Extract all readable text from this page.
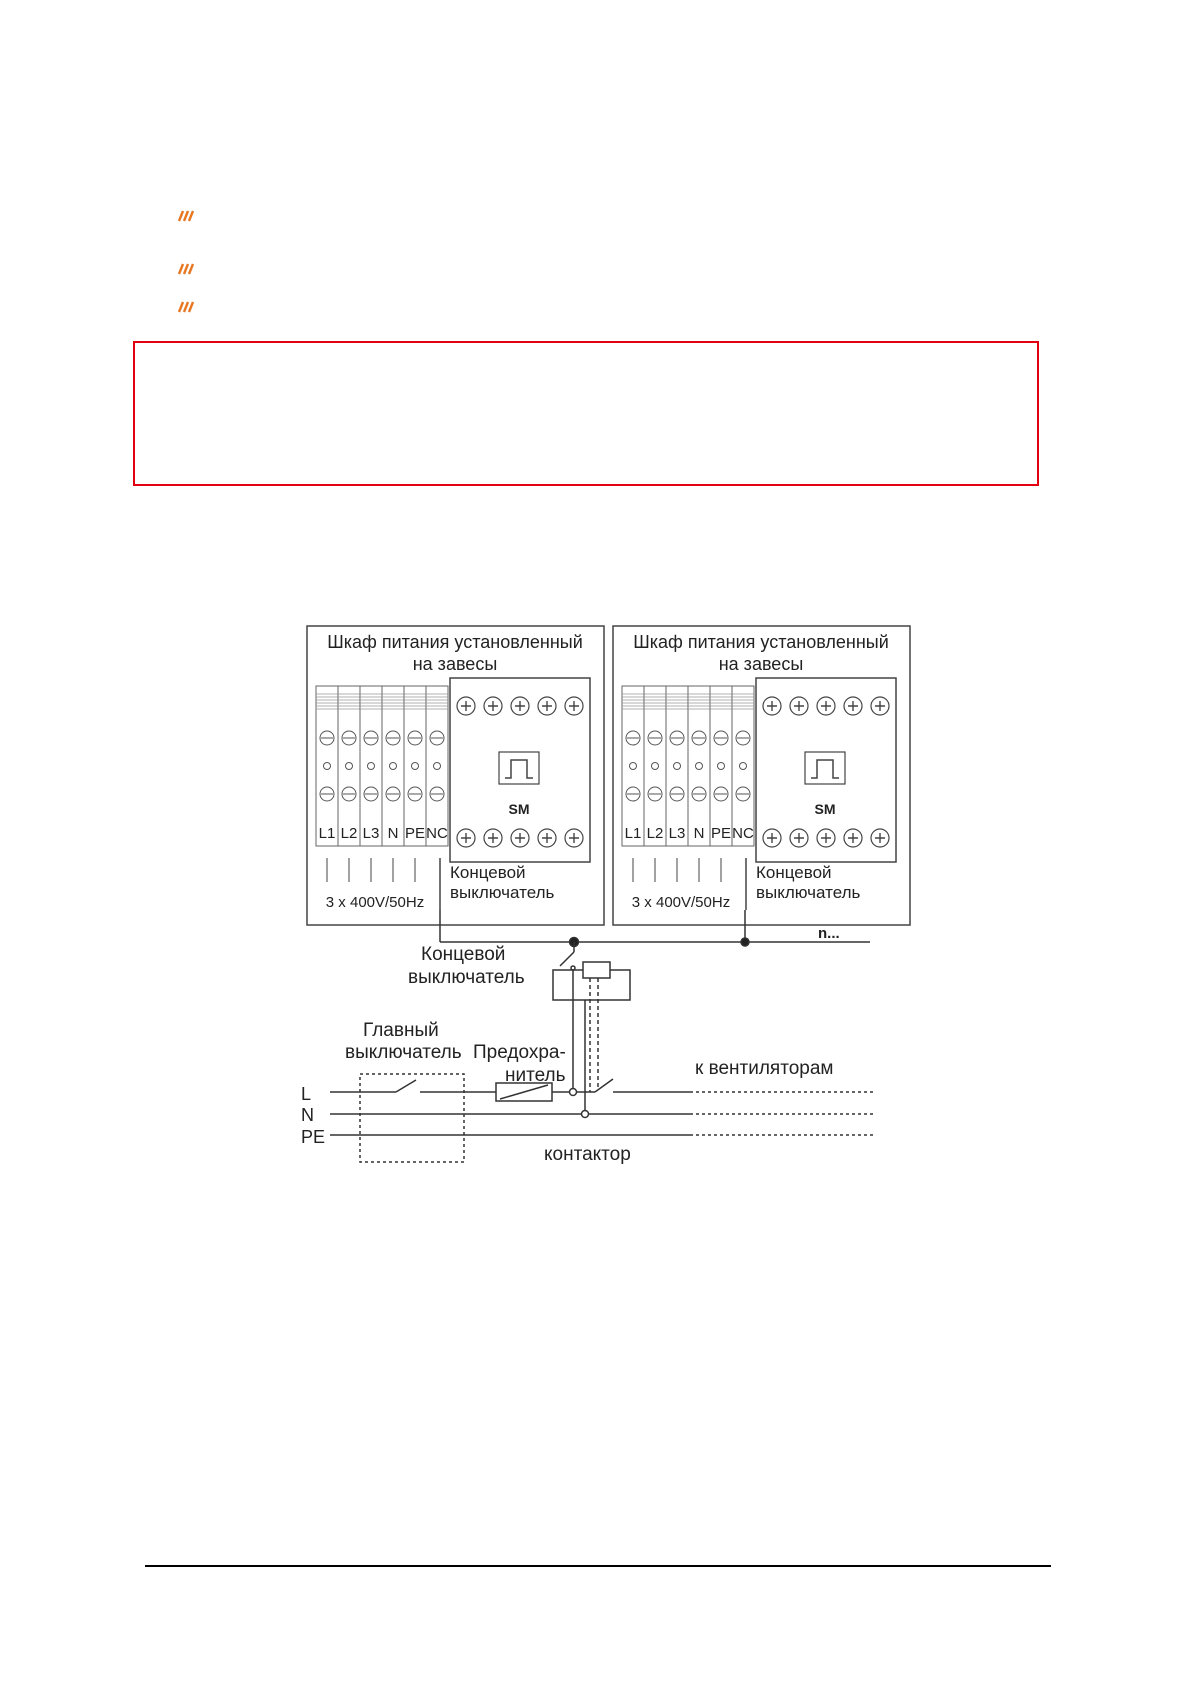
Шкаф питания установленный
на завесы
L1 L2 L3 N PE NC
3 x 400V/50Hz
SM
Концевой
выключатель
Шкаф питания установленный
на завесы
L1 L2 L3 N PE NC
3 x 400V/50Hz
SM
Концевой
выключатель
n...
Концевой
выключатель
Главный
выключатель Предохра-
нитель	к вентиляторам
контактор
L
N
PE
